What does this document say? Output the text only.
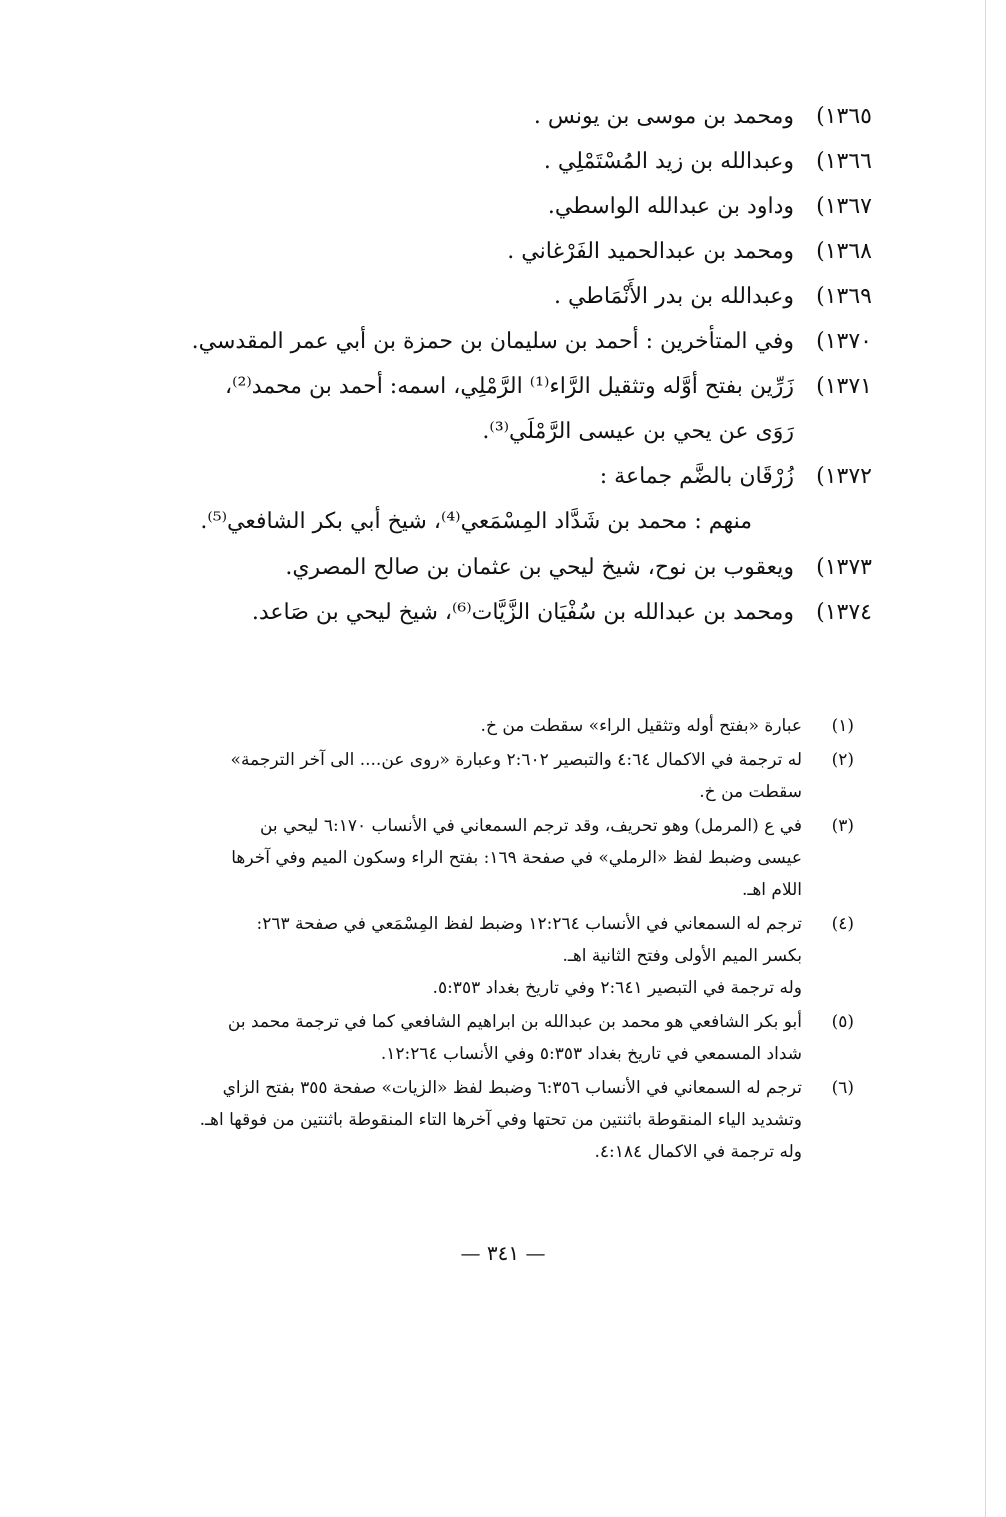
١٣٦٥)
ومحمد بن موسى بن يونس .
١٣٦٦)
وعبدالله بن زيد المُسْتَمْلِي .
١٣٦٧)
وداود بن عبدالله الواسطي.
١٣٦٨)
ومحمد بن عبدالحميد الفَرْغاني .
١٣٦٩)
وعبدالله بن بدر الأَنْمَاطي .
١٣٧٠)
وفي المتأخرين : أحمد بن سليمان بن حمزة بن أبي عمر المقدسي.
١٣٧١)
زَرِّين بفتح أوَّله وتثقيل الرَّاء⁽¹⁾ الرَّمْلِي، اسمه: أحمد بن محمد⁽²⁾،
رَوَى عن يحي بن عيسى الرَّمْلَي⁽³⁾.
١٣٧٢)
زُرْقَان بالضَّم جماعة :
منهم : محمد بن شَدَّاد المِسْمَعي⁽⁴⁾، شيخ أبي بكر الشافعي⁽⁵⁾.
١٣٧٣)
ويعقوب بن نوح، شيخ ليحي بن عثمان بن صالح المصري.
١٣٧٤)
ومحمد بن عبدالله بن سُفْيَان الزَّيَّات⁽⁶⁾، شيخ ليحي بن صَاعد.
(١)
عبارة «بفتح أوله وتثقيل الراء» سقطت من خ.
(٢)
له ترجمة في الاكمال ٤:٦٤ والتبصير ٢:٦٠٢ وعبارة «روى عن.... الى آخر الترجمة»
سقطت من خ.
(٣)
في ع (المرمل) وهو تحريف، وقد ترجم السمعاني في الأنساب ٦:١٧٠ ليحي بن
عيسى وضبط لفظ «الرملي» في صفحة ١٦٩: بفتح الراء وسكون الميم وفي آخرها
اللام اهـ.
(٤)
ترجم له السمعاني في الأنساب ١٢:٢٦٤ وضبط لفظ المِسْمَعي في صفحة ٢٦٣:
بكسر الميم الأولى وفتح الثانية اهـ.
وله ترجمة في التبصير ٢:٦٤١ وفي تاريخ بغداد ٥:٣٥٣.
(٥)
أبو بكر الشافعي هو محمد بن عبدالله بن ابراهيم الشافعي كما في ترجمة محمد بن
شداد المسمعي في تاريخ بغداد ٥:٣٥٣ وفي الأنساب ١٢:٢٦٤.
(٦)
ترجم له السمعاني في الأنساب ٦:٣٥٦ وضبط لفظ «الزيات» صفحة ٣٥٥ بفتح الزاي
وتشديد الياء المنقوطة باثنتين من تحتها وفي آخرها التاء المنقوطة باثنتين من فوقها اهـ.
وله ترجمة في الاكمال ٤:١٨٤.
— ٣٤١ —
